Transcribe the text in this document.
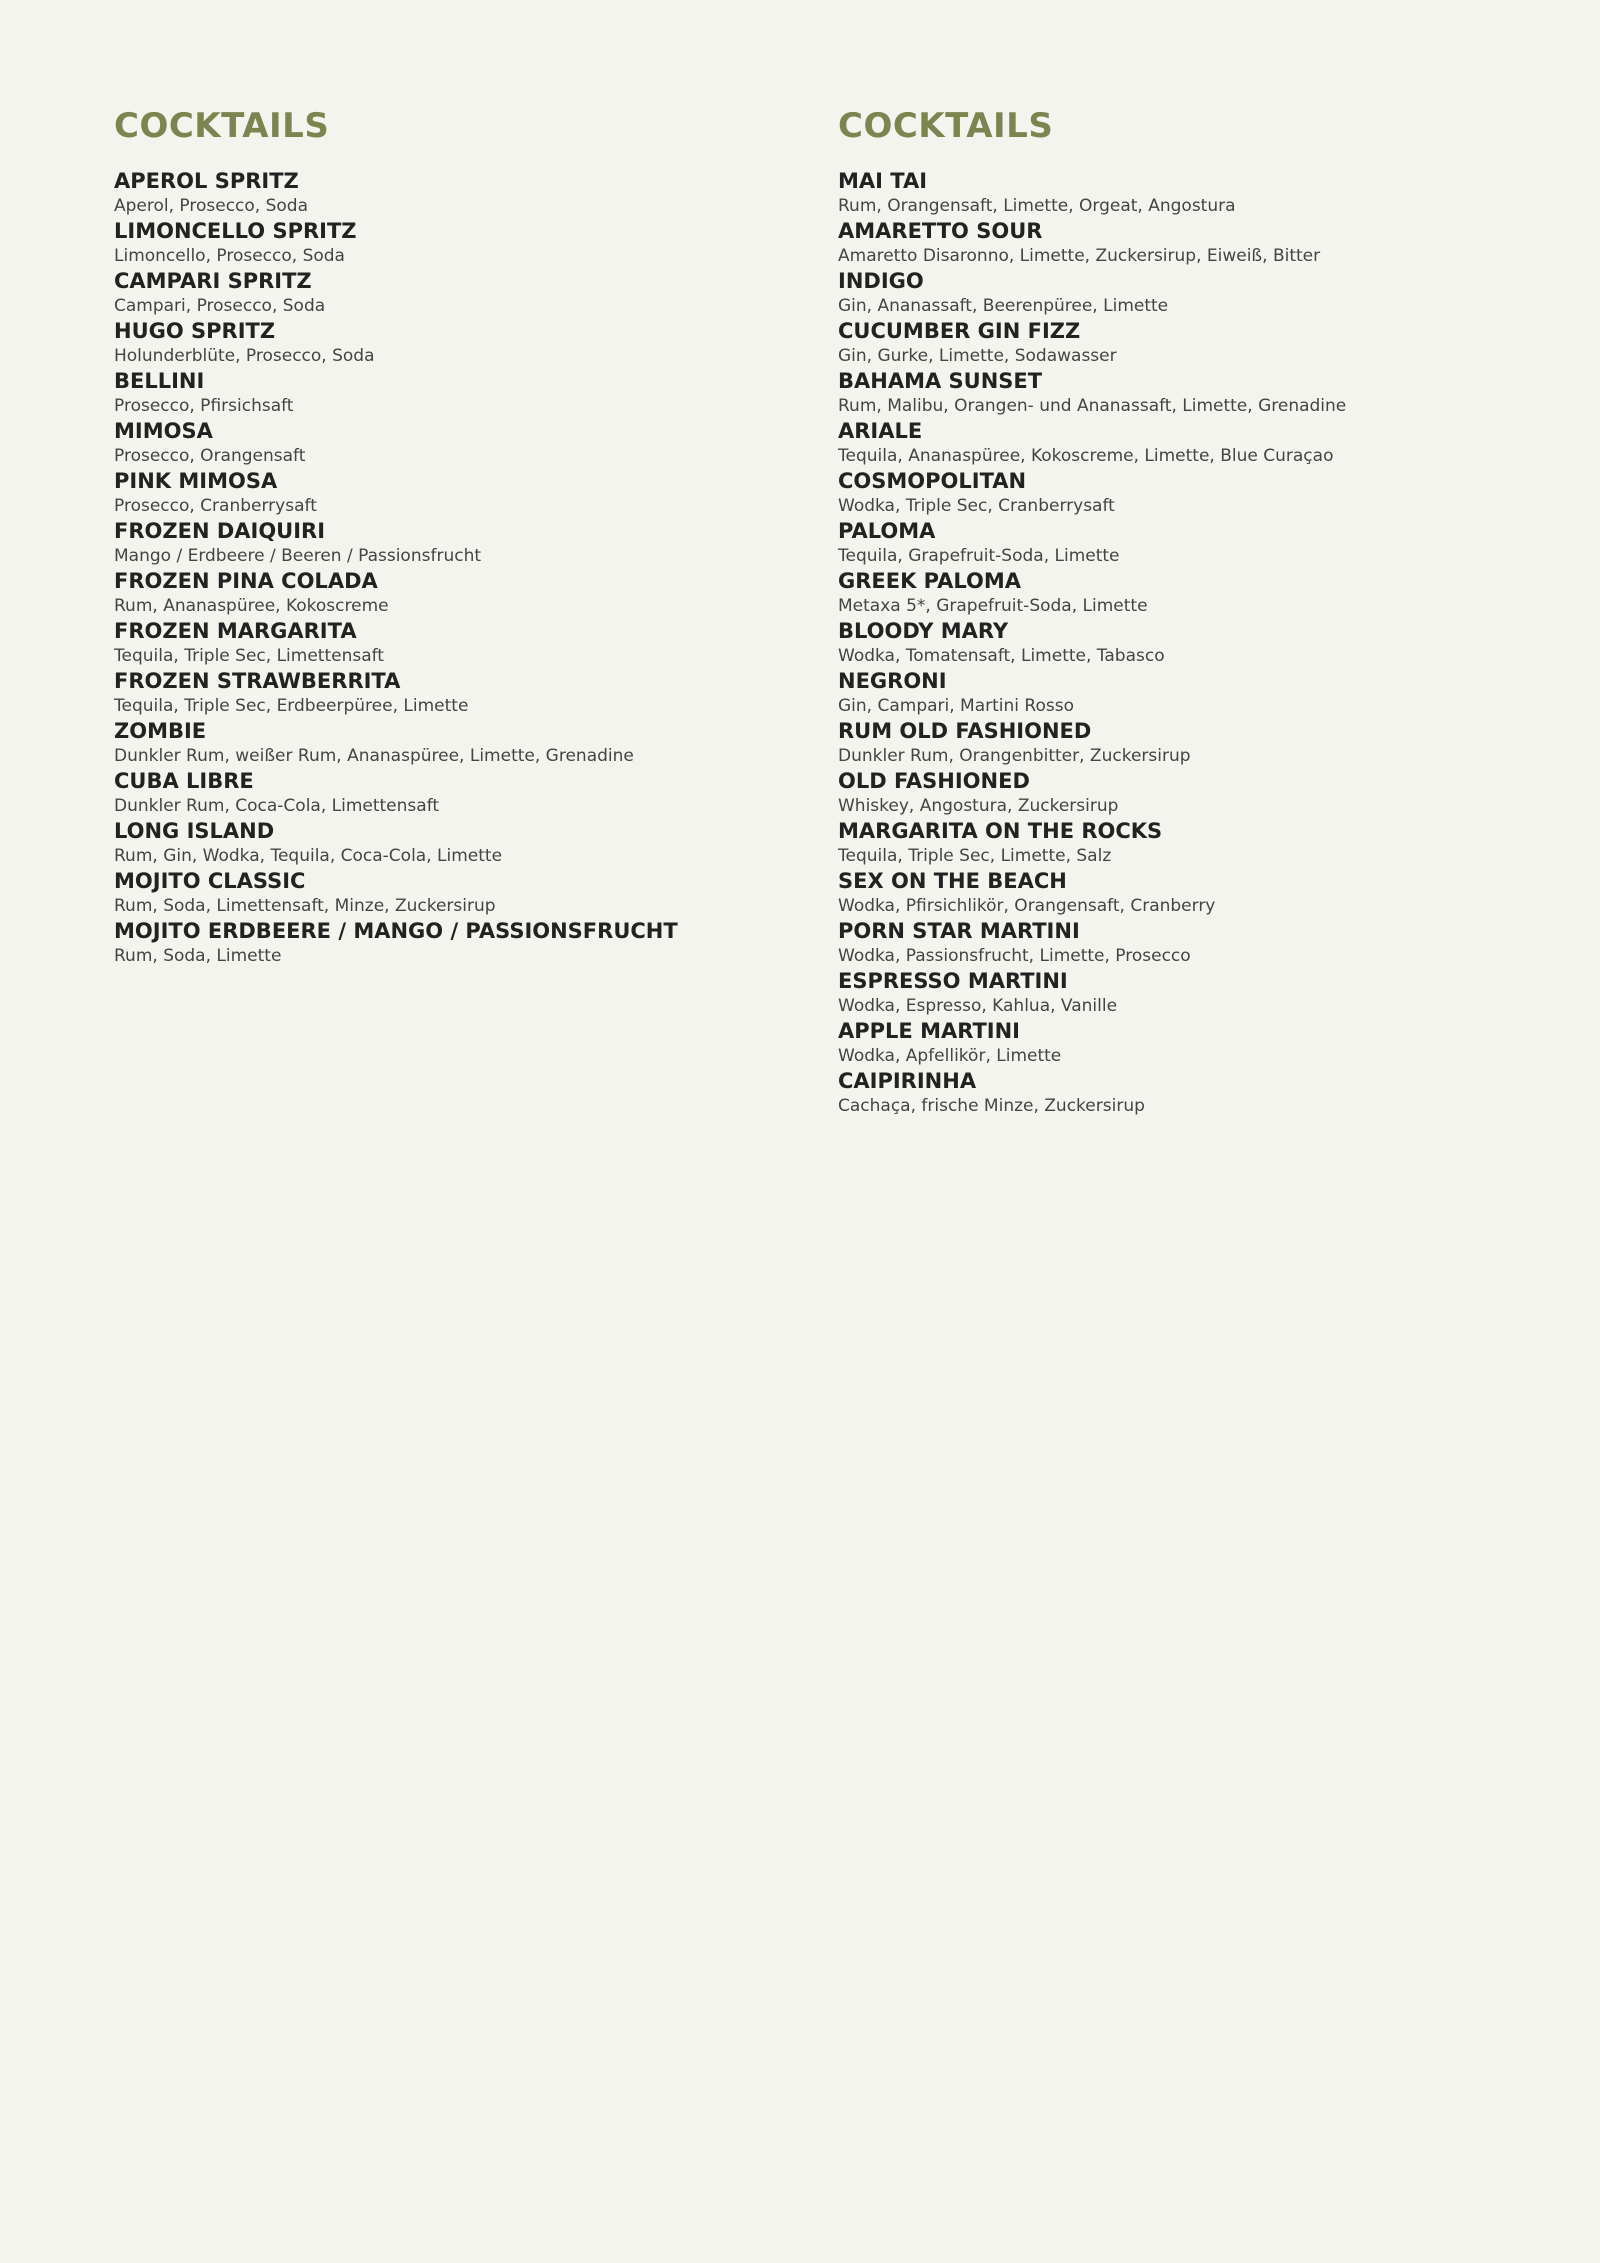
COCKTAILS
APEROL SPRITZ
Aperol, Prosecco, Soda
LIMONCELLO SPRITZ
Limoncello, Prosecco, Soda
CAMPARI SPRITZ
Campari, Prosecco, Soda
HUGO SPRITZ
Holunderblüte, Prosecco, Soda
BELLINI
Prosecco, Pfirsichsaft
MIMOSA
Prosecco, Orangensaft
PINK MIMOSA
Prosecco, Cranberrysaft
FROZEN DAIQUIRI
Mango / Erdbeere / Beeren / Passionsfrucht
FROZEN PINA COLADA
Rum, Ananaspüree, Kokoscreme
FROZEN MARGARITA
Tequila, Triple Sec, Limettensaft
FROZEN STRAWBERRITA
Tequila, Triple Sec, Erdbeerpüree, Limette
ZOMBIE
Dunkler Rum, weißer Rum, Ananaspüree, Limette, Grenadine
CUBA LIBRE
Dunkler Rum, Coca-Cola, Limettensaft
LONG ISLAND
Rum, Gin, Wodka, Tequila, Coca-Cola, Limette
MOJITO CLASSIC
Rum, Soda, Limettensaft, Minze, Zuckersirup
MOJITO ERDBEERE / MANGO / PASSIONSFRUCHT
Rum, Soda, Limette
COCKTAILS
MAI TAI
Rum, Orangensaft, Limette, Orgeat, Angostura
AMARETTO SOUR
Amaretto Disaronno, Limette, Zuckersirup, Eiweiß, Bitter
INDIGO
Gin, Ananassaft, Beerenpüree, Limette
CUCUMBER GIN FIZZ
Gin, Gurke, Limette, Sodawasser
BAHAMA SUNSET
Rum, Malibu, Orangen- und Ananassaft, Limette, Grenadine
ARIALE
Tequila, Ananaspüree, Kokoscreme, Limette, Blue Curaçao
COSMOPOLITAN
Wodka, Triple Sec, Cranberrysaft
PALOMA
Tequila, Grapefruit-Soda, Limette
GREEK PALOMA
Metaxa 5*, Grapefruit-Soda, Limette
BLOODY MARY
Wodka, Tomatensaft, Limette, Tabasco
NEGRONI
Gin, Campari, Martini Rosso
RUM OLD FASHIONED
Dunkler Rum, Orangenbitter, Zuckersirup
OLD FASHIONED
Whiskey, Angostura, Zuckersirup
MARGARITA ON THE ROCKS
Tequila, Triple Sec, Limette, Salz
SEX ON THE BEACH
Wodka, Pfirsichlikör, Orangensaft, Cranberry
PORN STAR MARTINI
Wodka, Passionsfrucht, Limette, Prosecco
ESPRESSO MARTINI
Wodka, Espresso, Kahlua, Vanille
APPLE MARTINI
Wodka, Apfellikör, Limette
CAIPIRINHA
Cachaça, frische Minze, Zuckersirup
